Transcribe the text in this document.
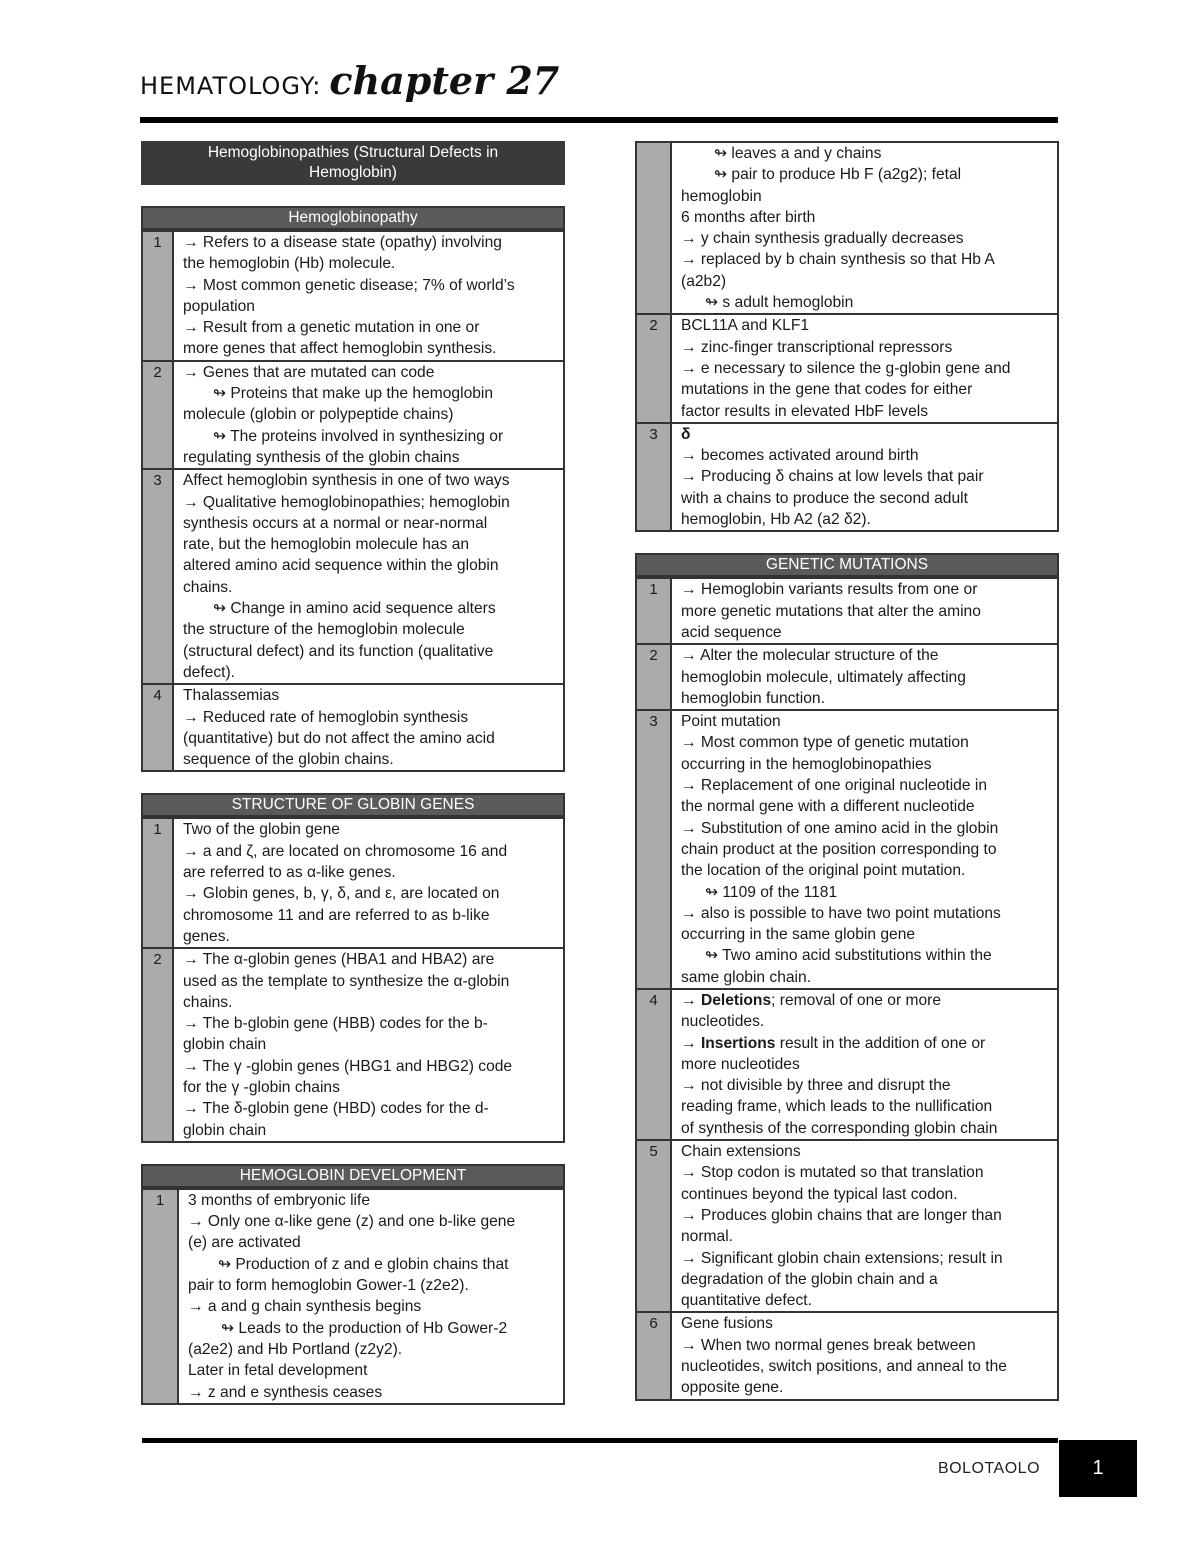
HEMATOLOGY: chapter 27
Hemoglobinopathies (Structural Defects in
Hemoglobin)
Hemoglobinopathy
1	→ Refers to a disease state (opathy) involving
the hemoglobin (Hb) molecule.
→ Most common genetic disease; 7% of world’s
population
→ Result from a genetic mutation in one or
more genes that affect hemoglobin synthesis.
2	→ Genes that are mutated can code
↬ Proteins that make up the hemoglobin
molecule (globin or polypeptide chains)
↬ The proteins involved in synthesizing or
regulating synthesis of the globin chains
3	Affect hemoglobin synthesis in one of two ways
→ Qualitative hemoglobinopathies; hemoglobin
synthesis occurs at a normal or near-normal
rate, but the hemoglobin molecule has an
altered amino acid sequence within the globin
chains.
↬ Change in amino acid sequence alters
the structure of the hemoglobin molecule
(structural defect) and its function (qualitative
defect).
4	Thalassemias
→ Reduced rate of hemoglobin synthesis
(quantitative) but do not affect the amino acid
sequence of the globin chains.
STRUCTURE OF GLOBIN GENES
1	Two of the globin gene
→ a and ζ, are located on chromosome 16 and
are referred to as α-like genes.
→ Globin genes, b, γ, δ, and ε, are located on
chromosome 11 and are referred to as b-like
genes.
2	→ The α-globin genes (HBA1 and HBA2) are
used as the template to synthesize the α-globin
chains.
→ The b-globin gene (HBB) codes for the b-
globin chain
→ The γ -globin genes (HBG1 and HBG2) code
for the γ -globin chains
→ The δ-globin gene (HBD) codes for the d-
globin chain
HEMOGLOBIN DEVELOPMENT
1	3 months of embryonic life
→ Only one α-like gene (z) and one b-like gene
(e) are activated
↬ Production of z and e globin chains that
pair to form hemoglobin Gower-1 (z2e2).
→ a and g chain synthesis begins
↬ Leads to the production of Hb Gower-2
(a2e2) and Hb Portland (z2y2).
Later in fetal development
→ z and e synthesis ceases
↬ leaves a and y chains
↬ pair to produce Hb F (a2g2); fetal
hemoglobin
6 months after birth
→ y chain synthesis gradually decreases
→ replaced by b chain synthesis so that Hb A
(a2b2)
↬ s adult hemoglobin
2	BCL11A and KLF1
→ zinc-finger transcriptional repressors
→ e necessary to silence the g-globin gene and
mutations in the gene that codes for either
factor results in elevated HbF levels
3	δ
→ becomes activated around birth
→ Producing δ chains at low levels that pair
with a chains to produce the second adult
hemoglobin, Hb A2 (a2 δ2).
GENETIC MUTATIONS
1	→ Hemoglobin variants results from one or
more genetic mutations that alter the amino
acid sequence
2	→ Alter the molecular structure of the
hemoglobin molecule, ultimately affecting
hemoglobin function.
3	Point mutation
→ Most common type of genetic mutation
occurring in the hemoglobinopathies
→ Replacement of one original nucleotide in
the normal gene with a different nucleotide
→ Substitution of one amino acid in the globin
chain product at the position corresponding to
the location of the original point mutation.
↬ 1109 of the 1181
→ also is possible to have two point mutations
occurring in the same globin gene
↬ Two amino acid substitutions within the
same globin chain.
4	→ Deletions; removal of one or more
nucleotides.
→ Insertions result in the addition of one or
more nucleotides
→ not divisible by three and disrupt the
reading frame, which leads to the nullification
of synthesis of the corresponding globin chain
5	Chain extensions
→ Stop codon is mutated so that translation
continues beyond the typical last codon.
→ Produces globin chains that are longer than
normal.
→ Significant globin chain extensions; result in
degradation of the globin chain and a
quantitative defect.
6	Gene fusions
→ When two normal genes break between
nucleotides, switch positions, and anneal to the
opposite gene.
BOLOTAOLO	1
